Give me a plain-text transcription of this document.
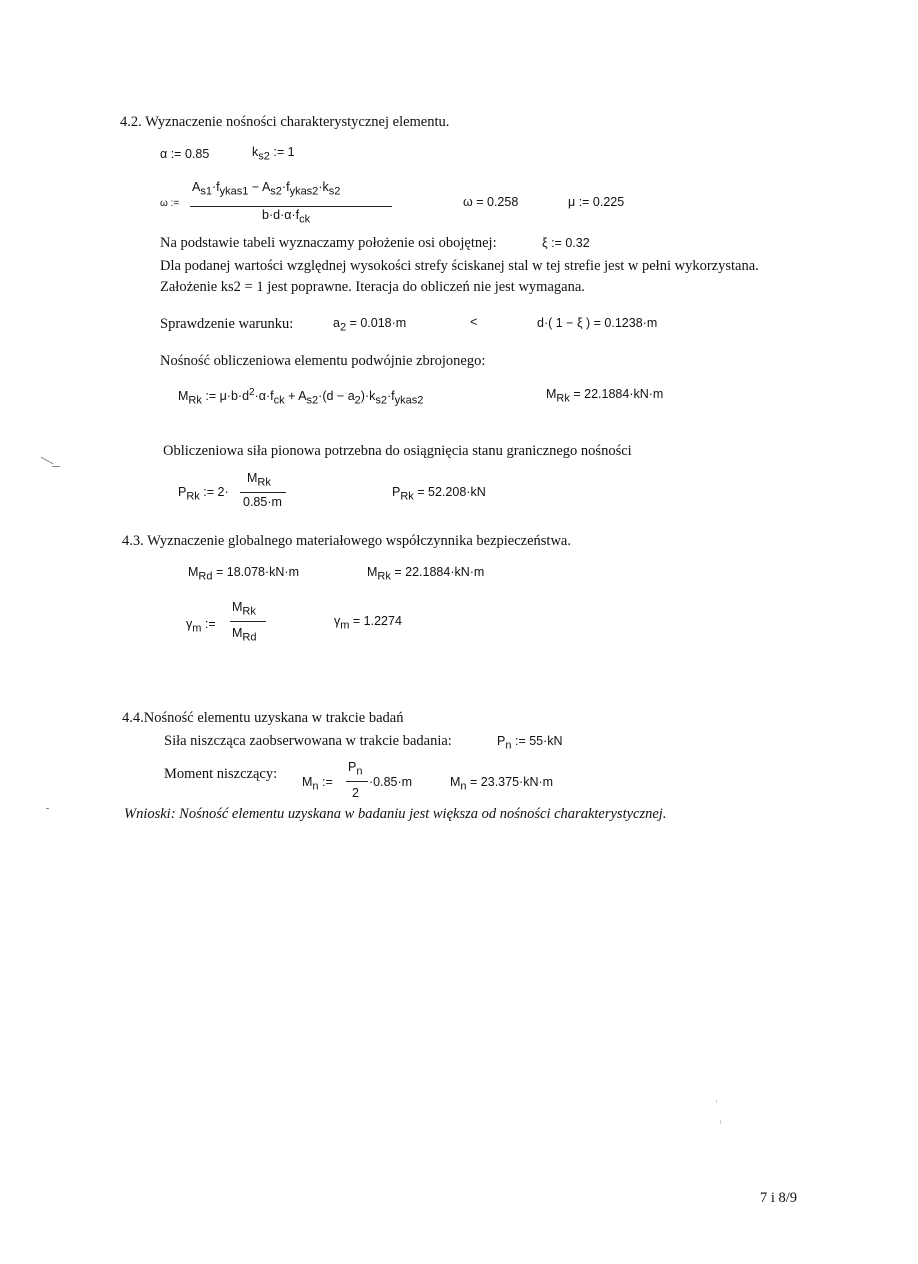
4.2. Wyznaczenie nośności charakterystycznej elementu.
α := 0.85	$k_{s2}$ := 1
ω :=
$A_{s1}\cdot f_{ykas1} - A_{s2}\cdot f_{ykas2}\cdot k_{s2}$
$b\cdot d\cdot\alpha\cdot f_{ck}$
ω = 0.258	μ := 0.225
Na podstawie tabeli wyznaczamy położenie osi obojętnej:	ξ := 0.32
Dla podanej wartości względnej wysokości strefy ściskanej stal w tej strefie jest w pełni wykorzystana.
Założenie ks2 = 1 jest poprawne. Iteracja do obliczeń nie jest wymagana.
Sprawdzenie warunku:	$a_2 = 0.018\cdot m$	<	d·( 1 − ξ ) = 0.1238·m
Nośność obliczeniowa elementu podwójnie zbrojonego:
$M_{Rk}$ := $\mu\cdot b\cdot d^2\cdot\alpha\cdot f_{ck} + A_{s2}\cdot(d - a_2)\cdot k_{s2}\cdot f_{ykas2}$	$M_{Rk} = 22.1884\cdot kN\cdot m$
Obliczeniowa siła pionowa potrzebna do osiągnięcia stanu granicznego nośności
$P_{Rk}$ := 2·
$M_{Rk}$
0.85·m
$P_{Rk} = 52.208\cdot kN$
4.3. Wyznaczenie globalnego materiałowego współczynnika bezpieczeństwa.
$M_{Rd} = 18.078\cdot kN\cdot m$	$M_{Rk} = 22.1884\cdot kN\cdot m$
$\gamma_m$ :=
$M_{Rk}$
$M_{Rd}$
$\gamma_m = 1.2274$
4.4.Nośność elementu uzyskana w trakcie badań
Siła niszcząca zaobserwowana w trakcie badania:	$P_n$ := 55·kN
Moment niszczący: $M_n$ :=
$P_n$
2
·0.85·m	$M_n = 23.375\cdot kN\cdot m$
Wnioski: Nośność elementu uzyskana w badaniu jest większa od nośności charakterystycznej.
7 i 8/9
